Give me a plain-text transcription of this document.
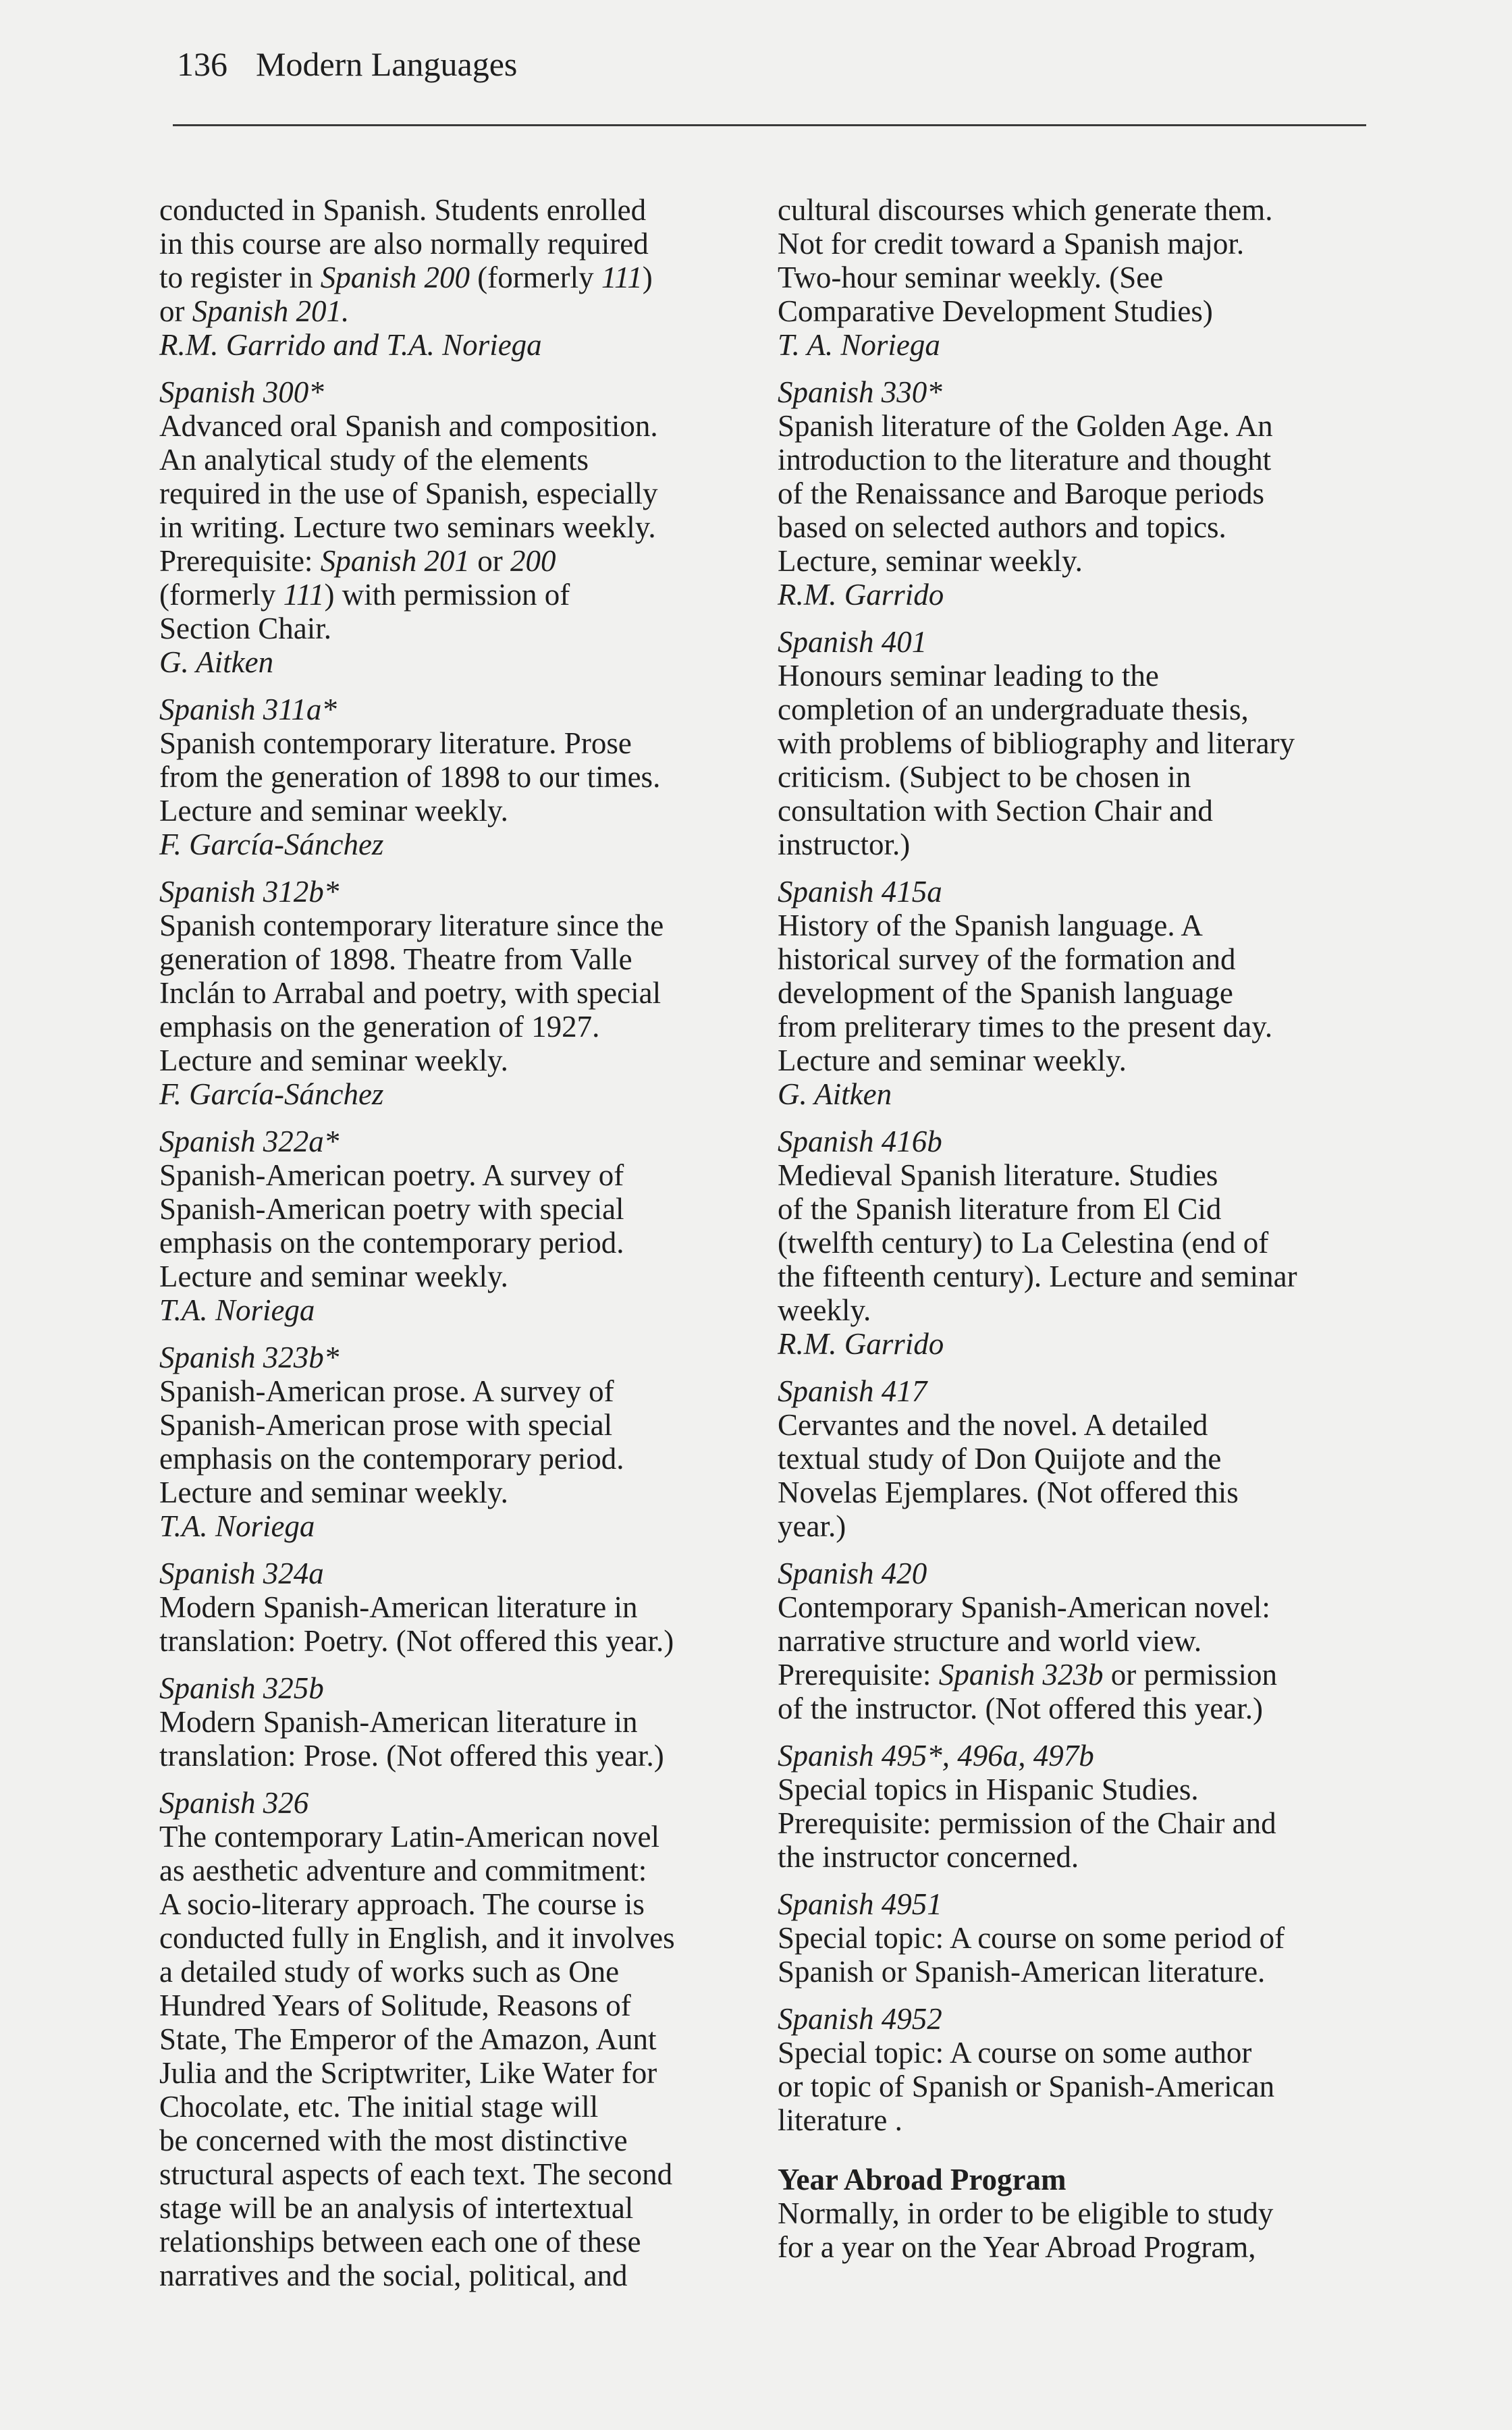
136 Modern Languages
conducted in Spanish. Students enrolled
in this course are also normally required
to register in Spanish 200 (formerly 111)
or Spanish 201.
R.M. Garrido and T.A. Noriega
Spanish 300*
Advanced oral Spanish and composition.
An analytical study of the elements
required in the use of Spanish, especially
in writing. Lecture two seminars weekly.
Prerequisite: Spanish 201 or 200
(formerly 111) with permission of
Section Chair.
G. Aitken
Spanish 311a*
Spanish contemporary literature. Prose
from the generation of 1898 to our times.
Lecture and seminar weekly.
F. García-Sánchez
Spanish 312b*
Spanish contemporary literature since the
generation of 1898. Theatre from Valle
Inclán to Arrabal and poetry, with special
emphasis on the generation of 1927.
Lecture and seminar weekly.
F. García-Sánchez
Spanish 322a*
Spanish-American poetry. A survey of
Spanish-American poetry with special
emphasis on the contemporary period.
Lecture and seminar weekly.
T.A. Noriega
Spanish 323b*
Spanish-American prose. A survey of
Spanish-American prose with special
emphasis on the contemporary period.
Lecture and seminar weekly.
T.A. Noriega
Spanish 324a
Modern Spanish-American literature in
translation: Poetry. (Not offered this year.)
Spanish 325b
Modern Spanish-American literature in
translation: Prose. (Not offered this year.)
Spanish 326
The contemporary Latin-American novel
as aesthetic adventure and commitment:
A socio-literary approach. The course is
conducted fully in English, and it involves
a detailed study of works such as One
Hundred Years of Solitude, Reasons of
State, The Emperor of the Amazon, Aunt
Julia and the Scriptwriter, Like Water for
Chocolate, etc. The initial stage will
be concerned with the most distinctive
structural aspects of each text. The second
stage will be an analysis of intertextual
relationships between each one of these
narratives and the social, political, and
cultural discourses which generate them.
Not for credit toward a Spanish major.
Two-hour seminar weekly. (See
Comparative Development Studies)
T. A. Noriega
Spanish 330*
Spanish literature of the Golden Age. An
introduction to the literature and thought
of the Renaissance and Baroque periods
based on selected authors and topics.
Lecture, seminar weekly.
R.M. Garrido
Spanish 401
Honours seminar leading to the
completion of an undergraduate thesis,
with problems of bibliography and literary
criticism. (Subject to be chosen in
consultation with Section Chair and
instructor.)
Spanish 415a
History of the Spanish language. A
historical survey of the formation and
development of the Spanish language
from preliterary times to the present day.
Lecture and seminar weekly.
G. Aitken
Spanish 416b
Medieval Spanish literature. Studies
of the Spanish literature from El Cid
(twelfth century) to La Celestina (end of
the fifteenth century). Lecture and seminar
weekly.
R.M. Garrido
Spanish 417
Cervantes and the novel. A detailed
textual study of Don Quijote and the
Novelas Ejemplares. (Not offered this
year.)
Spanish 420
Contemporary Spanish-American novel:
narrative structure and world view.
Prerequisite: Spanish 323b or permission
of the instructor. (Not offered this year.)
Spanish 495*, 496a, 497b
Special topics in Hispanic Studies.
Prerequisite: permission of the Chair and
the instructor concerned.
Spanish 4951
Special topic: A course on some period of
Spanish or Spanish-American literature.
Spanish 4952
Special topic: A course on some author
or topic of Spanish or Spanish-American
literature .
Year Abroad Program
Normally, in order to be eligible to study
for a year on the Year Abroad Program,
